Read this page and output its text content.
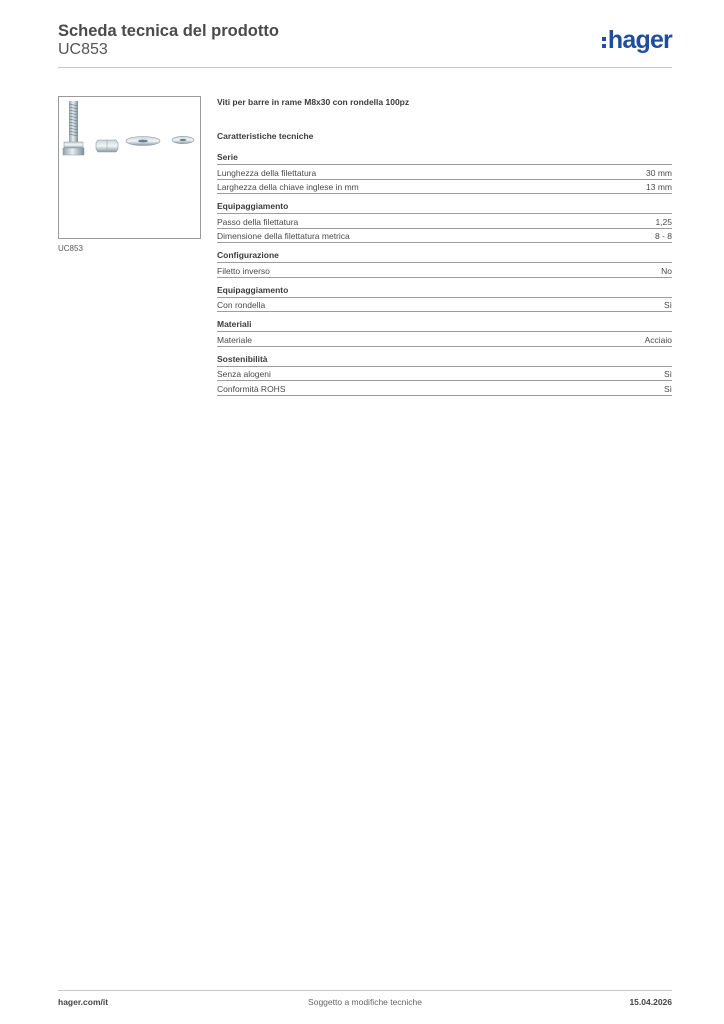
Scheda tecnica del prodotto
UC853	hager
UC853
Viti per barre in rame M8x30 con rondella 100pz
Caratteristiche tecniche
Serie
Lunghezza della filettatura	30 mm
Larghezza della chiave inglese in mm	13 mm
Equipaggiamento
Passo della filettatura	1,25
Dimensione della filettatura metrica	8 - 8
Configurazione
Filetto inverso	No
Equipaggiamento
Con rondella	Sì
Materiali
Materiale	Acciaio
Sostenibilità
Senza alogeni	Sì
Conformità ROHS	Sì
hager.com/it	Soggetto a modifiche tecniche	15.04.2026
